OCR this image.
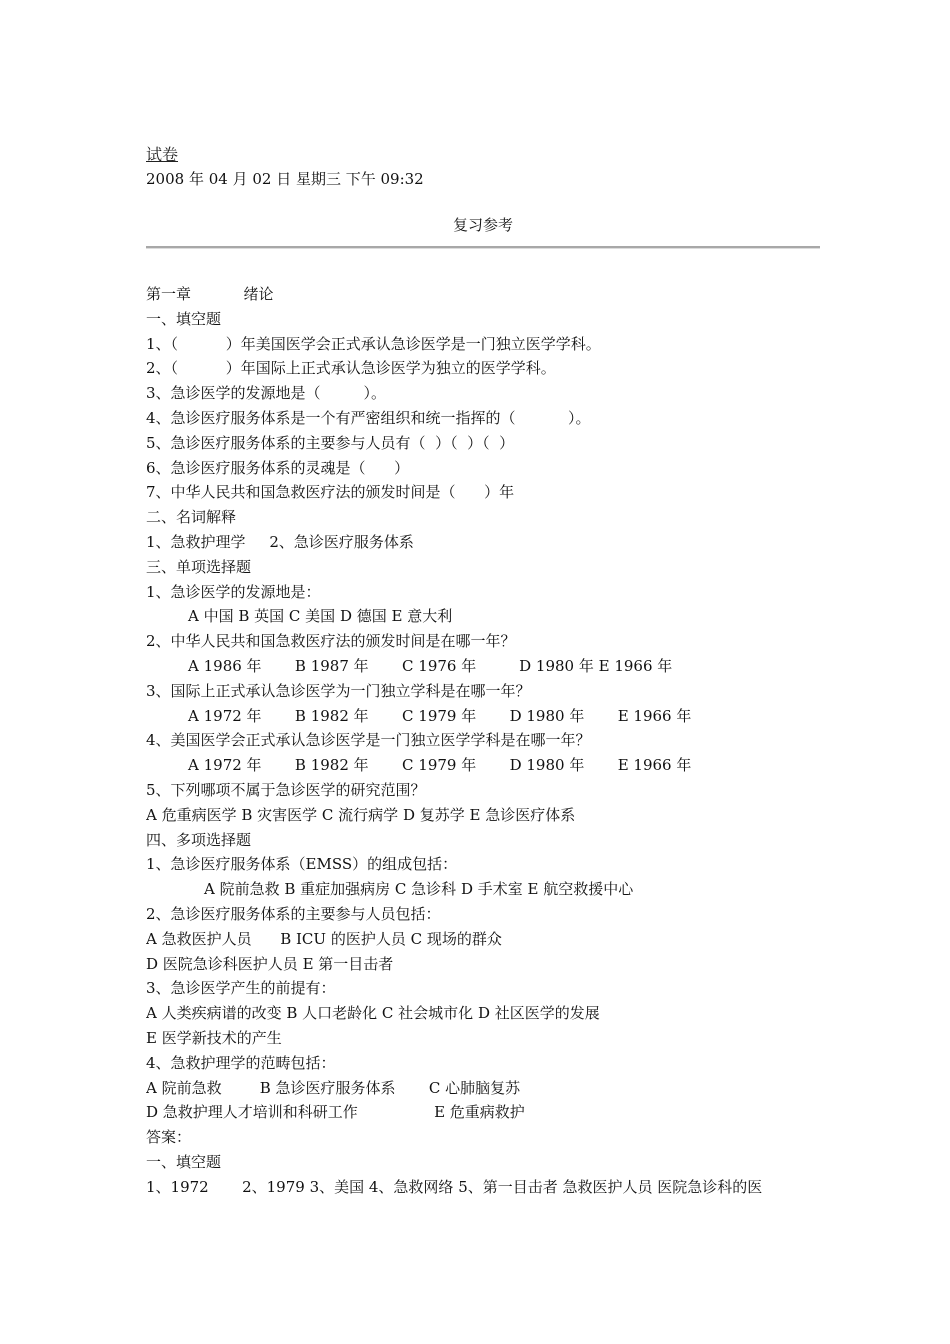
试卷
2008 年 04 月 02 日 星期三 下午 09:32
复习参考
第一章           绪论
一、填空题
1、（          ）年美国医学会正式承认急诊医学是一门独立医学学科。
2、（          ）年国际上正式承认急诊医学为独立的医学学科。
3、急诊医学的发源地是（         ）。
4、急诊医疗服务体系是一个有严密组织和统一指挥的（           ）。
5、急诊医疗服务体系的主要参与人员有（  ）（  ）（  ）
6、急诊医疗服务体系的灵魂是（      ）
7、中华人民共和国急救医疗法的颁发时间是（      ）年
二、名词解释
1、急救护理学     2、急诊医疗服务体系
三、单项选择题
1、急诊医学的发源地是：
A 中国 B 英国 C 美国 D 德国 E 意大利
2、中华人民共和国急救医疗法的颁发时间是在哪一年？
A 1986 年       B 1987 年       C 1976 年         D 1980 年 E 1966 年
3、国际上正式承认急诊医学为一门独立学科是在哪一年？
A 1972 年       B 1982 年       C 1979 年       D 1980 年       E 1966 年
4、美国医学会正式承认急诊医学是一门独立医学学科是在哪一年？
A 1972 年       B 1982 年       C 1979 年       D 1980 年       E 1966 年
5、下列哪项不属于急诊医学的研究范围？
A 危重病医学 B 灾害医学 C 流行病学 D 复苏学 E 急诊医疗体系
四、多项选择题
1、急诊医疗服务体系（EMSS）的组成包括：
A 院前急救 B 重症加强病房 C 急诊科 D 手术室 E 航空救援中心
2、急诊医疗服务体系的主要参与人员包括：
A 急救医护人员      B ICU 的医护人员 C 现场的群众
D 医院急诊科医护人员 E 第一目击者
3、急诊医学产生的前提有：
A 人类疾病谱的改变 B 人口老龄化 C 社会城市化 D 社区医学的发展
E 医学新技术的产生
4、急救护理学的范畴包括：
A 院前急救        B 急诊医疗服务体系       C 心肺脑复苏
D 急救护理人才培训和科研工作                E 危重病救护
答案：
一、填空题
1、1972       2、1979 3、美国 4、急救网络 5、第一目击者 急救医护人员 医院急诊科的医
